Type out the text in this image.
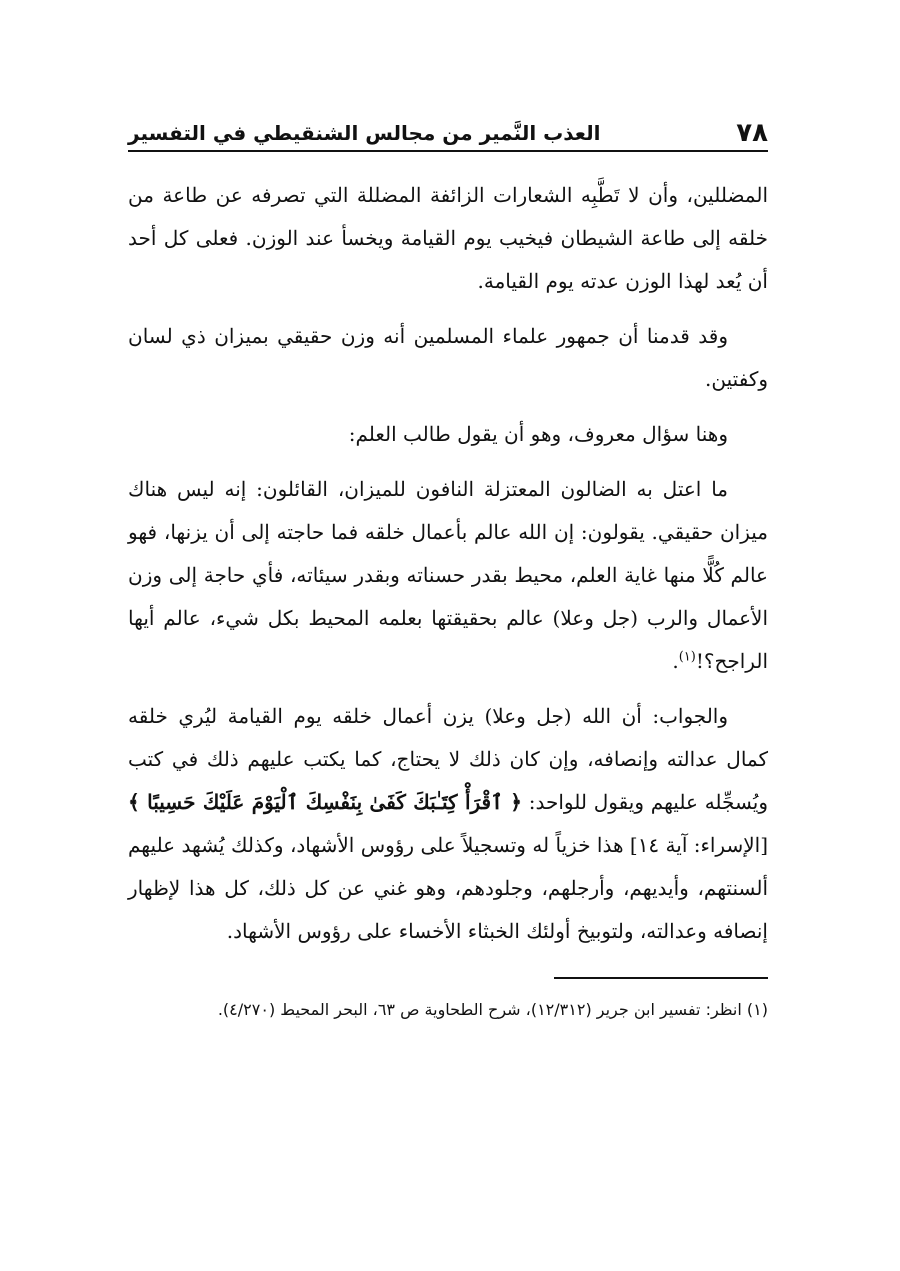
٧٨
العذب النَّمير من مجالس الشنقيطي في التفسير

المضللين، وأن لا تَطَّبِه الشعارات الزائفة المضللة التي تصرفه عن طاعة من خلقه إلى طاعة الشيطان فيخيب يوم القيامة ويخسأ عند الوزن. فعلى كل أحد أن يُعد لهذا الوزن عدته يوم القيامة.

وقد قدمنا أن جمهور علماء المسلمين أنه وزن حقيقي بميزان ذي لسان وكفتين.

وهنا سؤال معروف، وهو أن يقول طالب العلم:

ما اعتل به الضالون المعتزلة النافون للميزان، القائلون: إنه ليس هناك ميزان حقيقي. يقولون: إن الله عالم بأعمال خلقه فما حاجته إلى أن يزنها، فهو عالم كُلًّا منها غاية العلم، محيط بقدر حسناته وبقدر سيئاته، فأي حاجة إلى وزن الأعمال والرب (جل وعلا) عالم بحقيقتها بعلمه المحيط بكل شيء، عالم أيها الراجح؟!$^{(١)}$.

والجواب: أن الله (جل وعلا) يزن أعمال خلقه يوم القيامة ليُري خلقه كمال عدالته وإنصافه، وإن كان ذلك لا يحتاج، كما يكتب عليهم ذلك في كتب ويُسجِّله عليهم ويقول للواحد: ﴿ ٱقْرَأْ كِتَـٰبَكَ كَفَىٰ بِنَفْسِكَ ٱلْيَوْمَ عَلَيْكَ حَسِيبًا ﴾ [الإسراء: آية ١٤] هذا خزياً له وتسجيلاً على رؤوس الأشهاد، وكذلك يُشهد عليهم ألسنتهم، وأيديهم، وأرجلهم، وجلودهم، وهو غني عن كل ذلك، كل هذا لإظهار إنصافه وعدالته، ولتوبيخ أولئك الخبثاء الأخساء على رؤوس الأشهاد.

(١) انظر: تفسير ابن جرير (١٢/٣١٢)، شرح الطحاوية ص ٦٣، البحر المحيط (٤/٢٧٠).
